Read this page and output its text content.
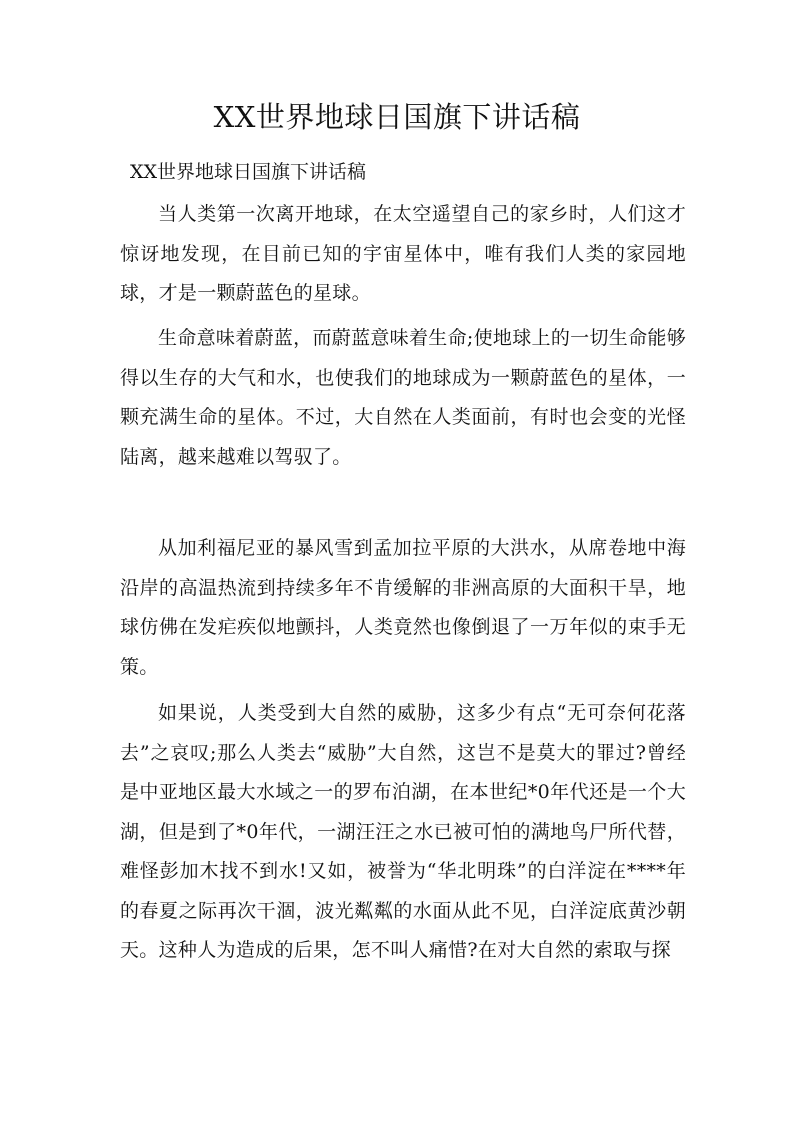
XX世界地球日国旗下讲话稿

XX世界地球日国旗下讲话稿

当人类第一次离开地球，在太空遥望自己的家乡时，人们这才惊讶地发现，在目前已知的宇宙星体中，唯有我们人类的家园地球，才是一颗蔚蓝色的星球。

生命意味着蔚蓝，而蔚蓝意味着生命;使地球上的一切生命能够得以生存的大气和水，也使我们的地球成为一颗蔚蓝色的星体，一颗充满生命的星体。不过，大自然在人类面前，有时也会变的光怪陆离，越来越难以驾驭了。

从加利福尼亚的暴风雪到孟加拉平原的大洪水，从席卷地中海沿岸的高温热流到持续多年不肯缓解的非洲高原的大面积干旱，地球仿佛在发疟疾似地颤抖，人类竟然也像倒退了一万年似的束手无策。

如果说，人类受到大自然的威胁，这多少有点“无可奈何花落去”之哀叹;那么人类去“威胁”大自然，这岂不是莫大的罪过?曾经是中亚地区最大水域之一的罗布泊湖，在本世纪*0年代还是一个大湖，但是到了*0年代，一湖汪汪之水已被可怕的满地鸟尸所代替，难怪彭加木找不到水!又如，被誉为“华北明珠”的白洋淀在****年的春夏之际再次干涸，波光粼粼的水面从此不见，白洋淀底黄沙朝天。这种人为造成的后果，怎不叫人痛惜?在对大自然的索取与探
